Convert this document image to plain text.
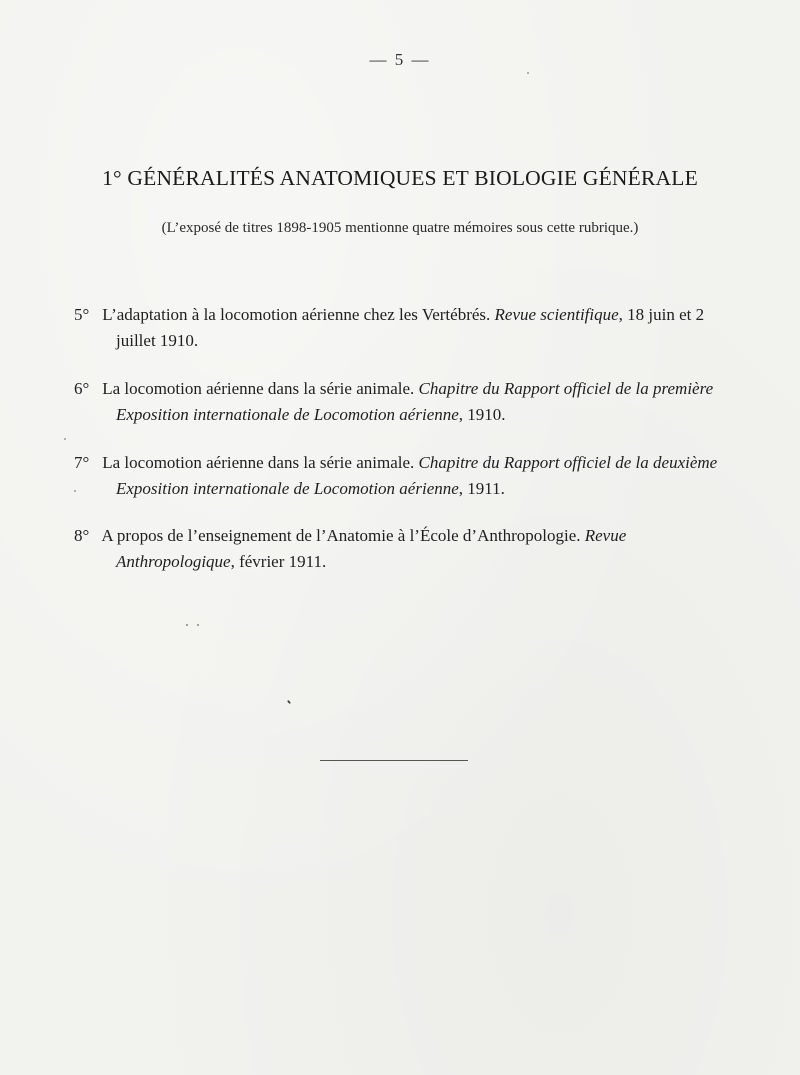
— 5 —
1° GÉNÉRALITÉS ANATOMIQUES ET BIOLOGIE GÉNÉRALE
(L’exposé de titres 1898-1905 mentionne quatre mémoires sous cette rubrique.)
5° L’adaptation à la locomotion aérienne chez les Vertébrés. Revue scientifique, 18 juin et 2 juillet 1910.
6° La locomotion aérienne dans la série animale. Chapitre du Rapport officiel de la première Exposition internationale de Locomotion aérienne, 1910.
7° La locomotion aérienne dans la série animale. Chapitre du Rapport officiel de la deuxième Exposition internationale de Locomotion aérienne, 1911.
8° A propos de l’enseignement de l’Anatomie à l’École d’Anthropologie. Revue Anthropologique, février 1911.
